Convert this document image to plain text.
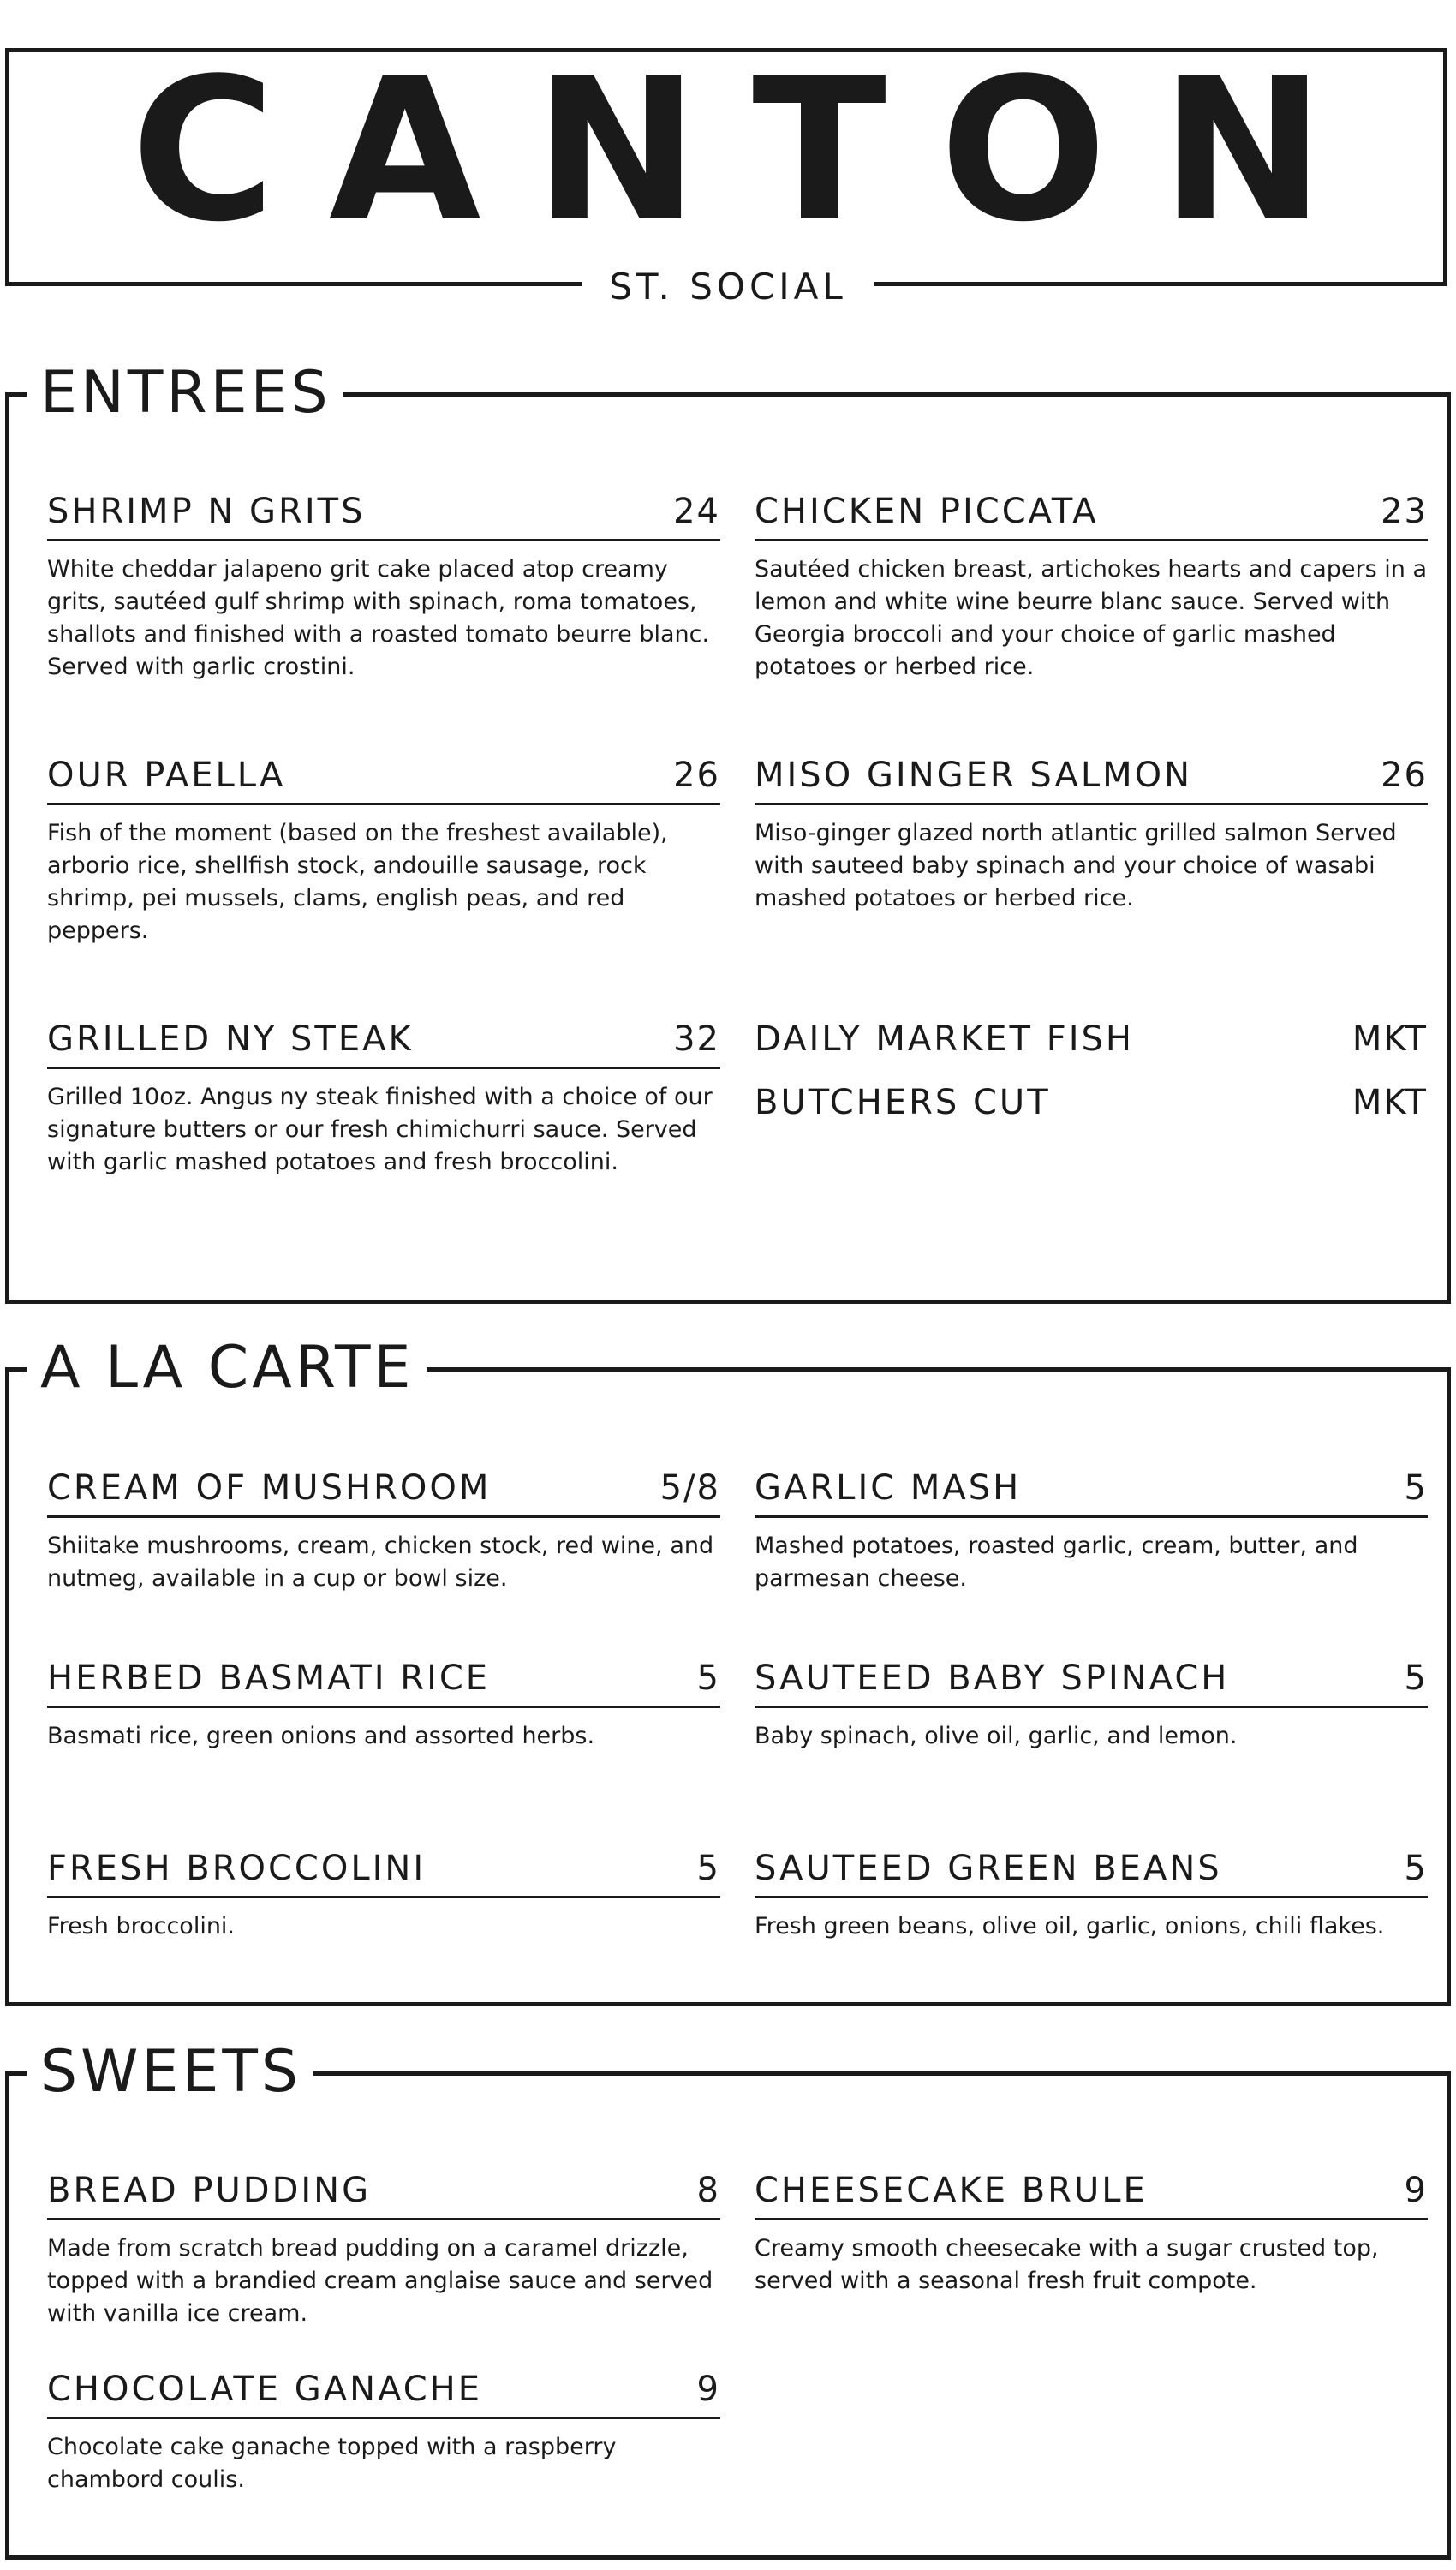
CANTON
ST. SOCIAL
ENTREES
SHRIMP N GRITS	24
White cheddar jalapeno grit cake placed atop creamy grits, sautéed gulf shrimp with spinach, roma tomatoes, shallots and finished with a roasted tomato beurre blanc. Served with garlic crostini.
CHICKEN PICCATA	23
Sautéed chicken breast, artichokes hearts and capers in a lemon and white wine beurre blanc sauce. Served with Georgia broccoli and your choice of garlic mashed potatoes or herbed rice.
OUR PAELLA	26
Fish of the moment (based on the freshest available), arborio rice, shellfish stock, andouille sausage, rock shrimp, pei mussels, clams, english peas, and red peppers.
MISO GINGER SALMON	26
Miso-ginger glazed north atlantic grilled salmon Served with sauteed baby spinach and your choice of wasabi mashed potatoes or herbed rice.
GRILLED NY STEAK	32
Grilled 10oz. Angus ny steak finished with a choice of our signature butters or our fresh chimichurri sauce. Served with garlic mashed potatoes and fresh broccolini.
DAILY MARKET FISH	MKT
BUTCHERS CUT	MKT
A LA CARTE
CREAM OF MUSHROOM	5/8
Shiitake mushrooms, cream, chicken stock, red wine, and nutmeg, available in a cup or bowl size.
GARLIC MASH	5
Mashed potatoes, roasted garlic, cream, butter, and parmesan cheese.
HERBED BASMATI RICE	5
Basmati rice, green onions and assorted herbs.
SAUTEED BABY SPINACH	5
Baby spinach, olive oil, garlic, and lemon.
FRESH BROCCOLINI	5
Fresh broccolini.
SAUTEED GREEN BEANS	5
Fresh green beans, olive oil, garlic, onions, chili flakes.
SWEETS
BREAD PUDDING	8
Made from scratch bread pudding on a caramel drizzle, topped with a brandied cream anglaise sauce and served with vanilla ice cream.
CHEESECAKE BRULE	9
Creamy smooth cheesecake with a sugar crusted top, served with a seasonal fresh fruit compote.
CHOCOLATE GANACHE	9
Chocolate cake ganache topped with a raspberry chambord coulis.
